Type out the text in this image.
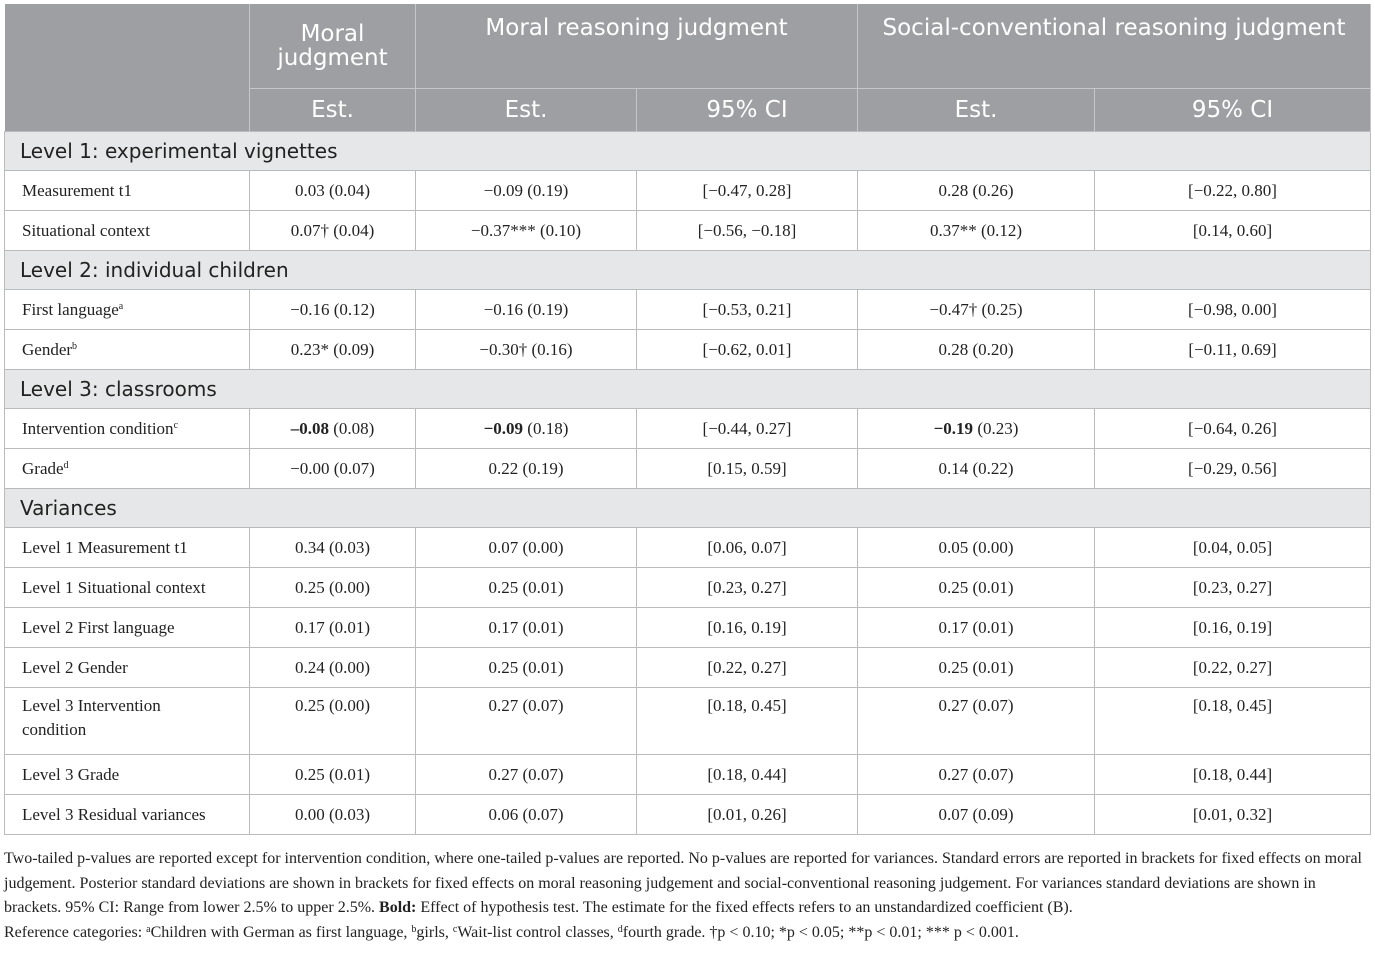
	Moral judgment	Moral reasoning judgment		Social-conventional reasoning judgment	
	Est.	Est.	95% CI	Est.	95% CI
Level 1: experimental vignettes					
Measurement t1	0.03 (0.04)	−0.09 (0.19)	[−0.47, 0.28]	0.28 (0.26)	[−0.22, 0.80]
Situational context	0.07† (0.04)	−0.37*** (0.10)	[−0.56, −0.18]	0.37** (0.12)	[0.14, 0.60]
Level 2: individual children					
First language$^a$	−0.16 (0.12)	−0.16 (0.19)	[−0.53, 0.21]	−0.47† (0.25)	[−0.98, 0.00]
Gender$^b$	0.23* (0.09)	−0.30† (0.16)	[−0.62, 0.01]	0.28 (0.20)	[−0.11, 0.69]
Level 3: classrooms					
Intervention condition$^c$	–0.08 (0.08)	−0.09 (0.18)	[−0.44, 0.27]	−0.19 (0.23)	[−0.64, 0.26]
Grade$^d$	−0.00 (0.07)	0.22 (0.19)	[0.15, 0.59]	0.14 (0.22)	[−0.29, 0.56]
Variances					
Level 1 Measurement t1	0.34 (0.03)	0.07 (0.00)	[0.06, 0.07]	0.05 (0.00)	[0.04, 0.05]
Level 1 Situational context	0.25 (0.00)	0.25 (0.01)	[0.23, 0.27]	0.25 (0.01)	[0.23, 0.27]
Level 2 First language	0.17 (0.01)	0.17 (0.01)	[0.16, 0.19]	0.17 (0.01)	[0.16, 0.19]
Level 2 Gender	0.24 (0.00)	0.25 (0.01)	[0.22, 0.27]	0.25 (0.01)	[0.22, 0.27]
Level 3 Intervention condition	0.25 (0.00)	0.27 (0.07)	[0.18, 0.45]	0.27 (0.07)	[0.18, 0.45]
Level 3 Grade	0.25 (0.01)	0.27 (0.07)	[0.18, 0.44]	0.27 (0.07)	[0.18, 0.44]
Level 3 Residual variances	0.00 (0.03)	0.06 (0.07)	[0.01, 0.26]	0.07 (0.09)	[0.01, 0.32]

Two-tailed p-values are reported except for intervention condition, where one-tailed p-values are reported. No p-values are reported for variances. Standard errors are reported in brackets for fixed effects on moral judgement. Posterior standard deviations are shown in brackets for fixed effects on moral reasoning judgement and social-conventional reasoning judgement. For variances standard deviations are shown in brackets. 95% CI: Range from lower 2.5% to upper 2.5%. Bold: Effect of hypothesis test. The estimate for the fixed effects refers to an unstandardized coefficient (B).

Reference categories: $^a$Children with German as first language, $^b$girls, $^c$Wait-list control classes, $^d$fourth grade. †p < 0.10; *p < 0.05; **p < 0.01; *** p < 0.001.
